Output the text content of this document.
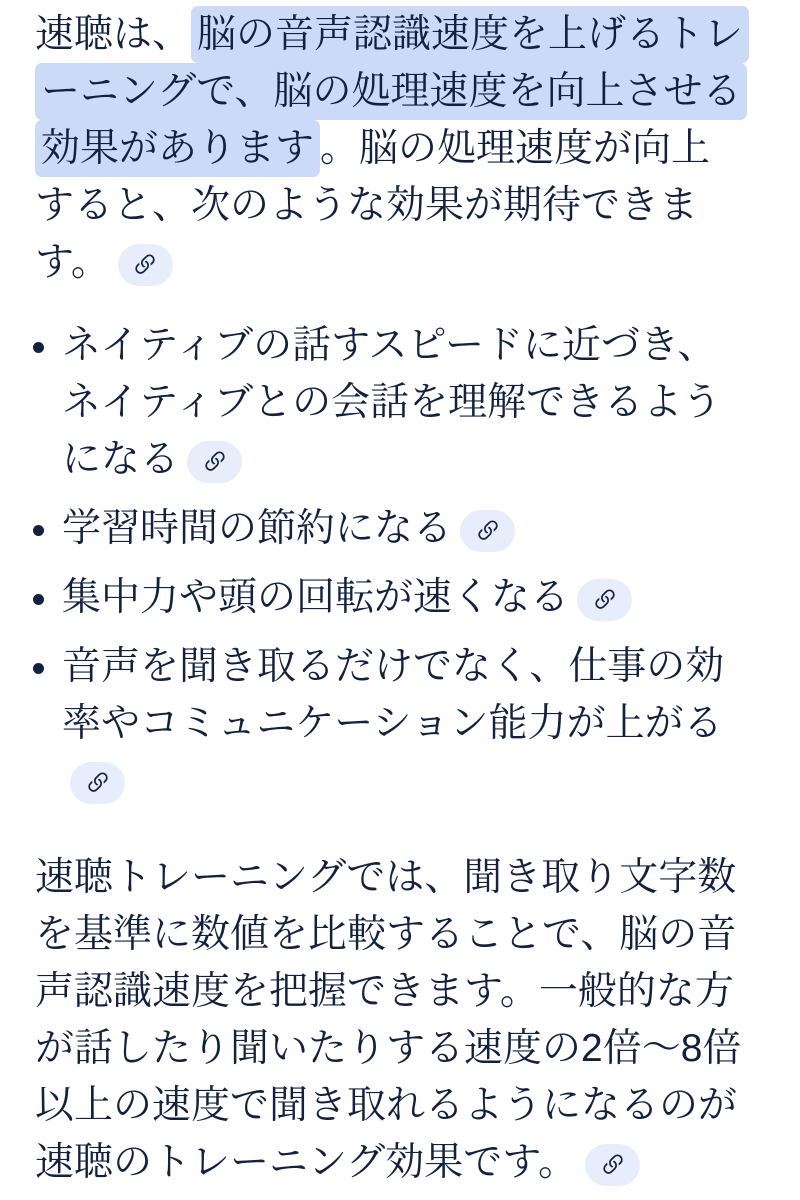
速聴は、 脳の音声認識速度を上げるトレーニングで、脳の処理速度を向上させる効果があります 。脳の処理速度が向上すると、次のような効果が期待できます。

• ネイティブの話すスピードに近づき、ネイティブとの会話を理解できるようになる
• 学習時間の節約になる
• 集中力や頭の回転が速くなる
• 音声を聞き取るだけでなく、仕事の効率やコミュニケーション能力が上がる

速聴トレーニングでは、聞き取り文字数を基準に数値を比較することで、脳の音声認識速度を把握できます。一般的な方が話したり聞いたりする速度の2倍〜8倍以上の速度で聞き取れるようになるのが速聴のトレーニング効果です。
